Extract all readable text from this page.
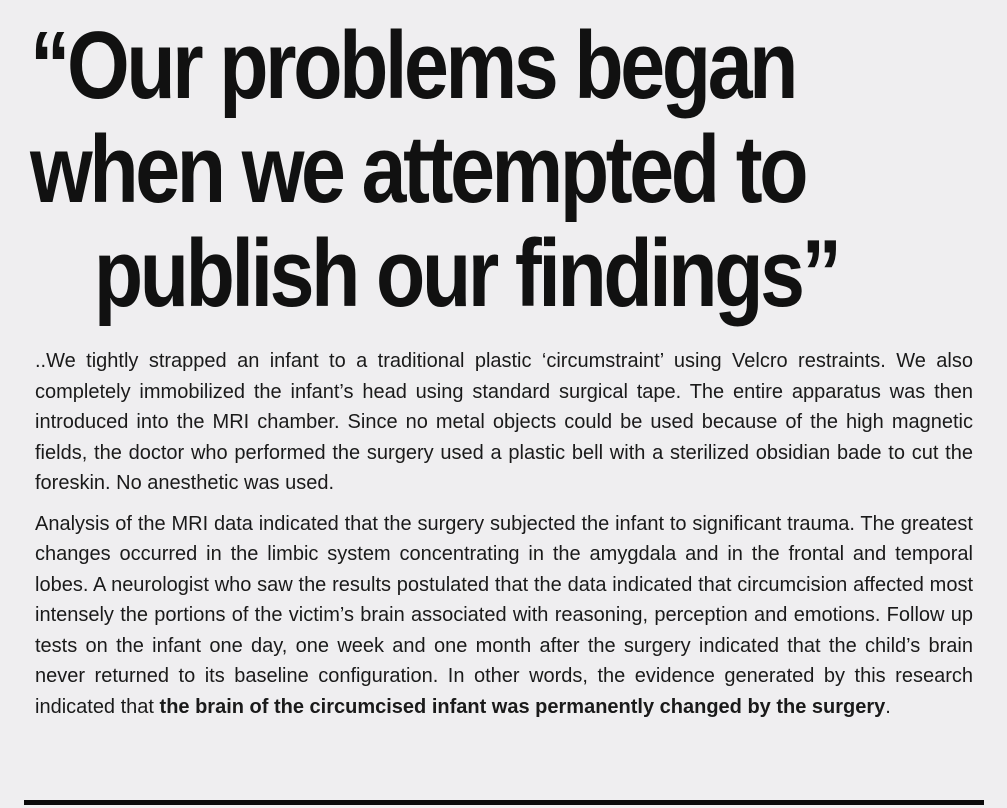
“Our problems began
when we attempted to
publish our findings”

..We tightly strapped an infant to a traditional plastic ‘circumstraint’ using Velcro restraints. We also completely immobilized the infant’s head using standard surgical tape. The entire apparatus was then introduced into the MRI chamber. Since no metal objects could be used because of the high magnetic fields, the doctor who performed the surgery used a plastic bell with a sterilized obsidian bade to cut the foreskin. No anesthetic was used.

Analysis of the MRI data indicated that the surgery subjected the infant to significant trauma. The greatest changes occurred in the limbic system concentrating in the amygdala and in the frontal and temporal lobes. A neurologist who saw the results postulated that the data indicated that circumcision affected most intensely the portions of the victim’s brain associated with reasoning, perception and emotions. Follow up tests on the infant one day, one week and one month after the surgery indicated that the child’s brain never returned to its baseline configuration. In other words, the evidence generated by this research indicated that the brain of the circumcised infant was permanently changed by the surgery.
